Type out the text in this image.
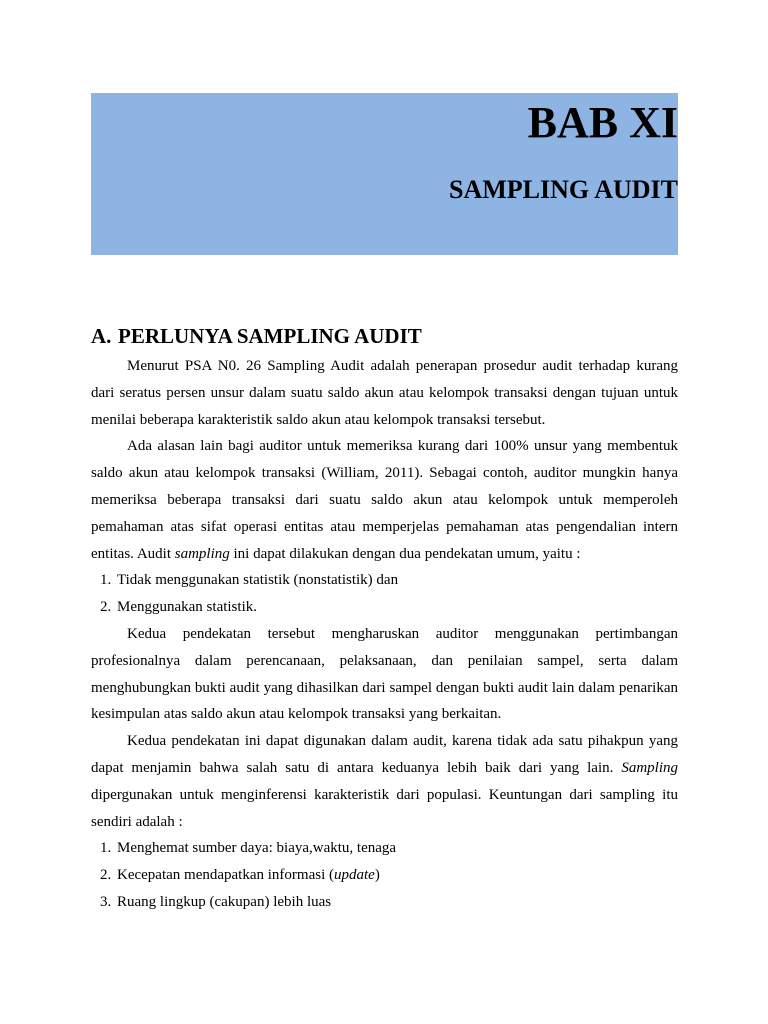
BAB XI
SAMPLING AUDIT
A. PERLUNYA SAMPLING AUDIT

Menurut PSA N0. 26 Sampling Audit adalah penerapan prosedur audit terhadap kurang dari seratus persen unsur dalam suatu saldo akun atau kelompok transaksi dengan tujuan untuk menilai beberapa karakteristik saldo akun atau kelompok transaksi tersebut.

Ada alasan lain bagi auditor untuk memeriksa kurang dari 100% unsur yang membentuk saldo akun atau kelompok transaksi (William, 2011). Sebagai contoh, auditor mungkin hanya memeriksa beberapa transaksi dari suatu saldo akun atau kelompok untuk memperoleh pemahaman atas sifat operasi entitas atau memperjelas pemahaman atas pengendalian intern entitas. Audit sampling ini dapat dilakukan dengan dua pendekatan umum, yaitu :

1. Tidak menggunakan statistik (nonstatistik) dan
2. Menggunakan statistik.

Kedua pendekatan tersebut mengharuskan auditor menggunakan pertimbangan profesionalnya dalam perencanaan, pelaksanaan, dan penilaian sampel, serta dalam menghubungkan bukti audit yang dihasilkan dari sampel dengan bukti audit lain dalam penarikan kesimpulan atas saldo akun atau kelompok transaksi yang berkaitan.

Kedua pendekatan ini dapat digunakan dalam audit, karena tidak ada satu pihakpun yang dapat menjamin bahwa salah satu di antara keduanya lebih baik dari yang lain. Sampling dipergunakan untuk menginferensi karakteristik dari populasi. Keuntungan dari sampling itu sendiri adalah :

1. Menghemat sumber daya: biaya,waktu, tenaga
2. Kecepatan mendapatkan informasi (update)
3. Ruang lingkup (cakupan) lebih luas
